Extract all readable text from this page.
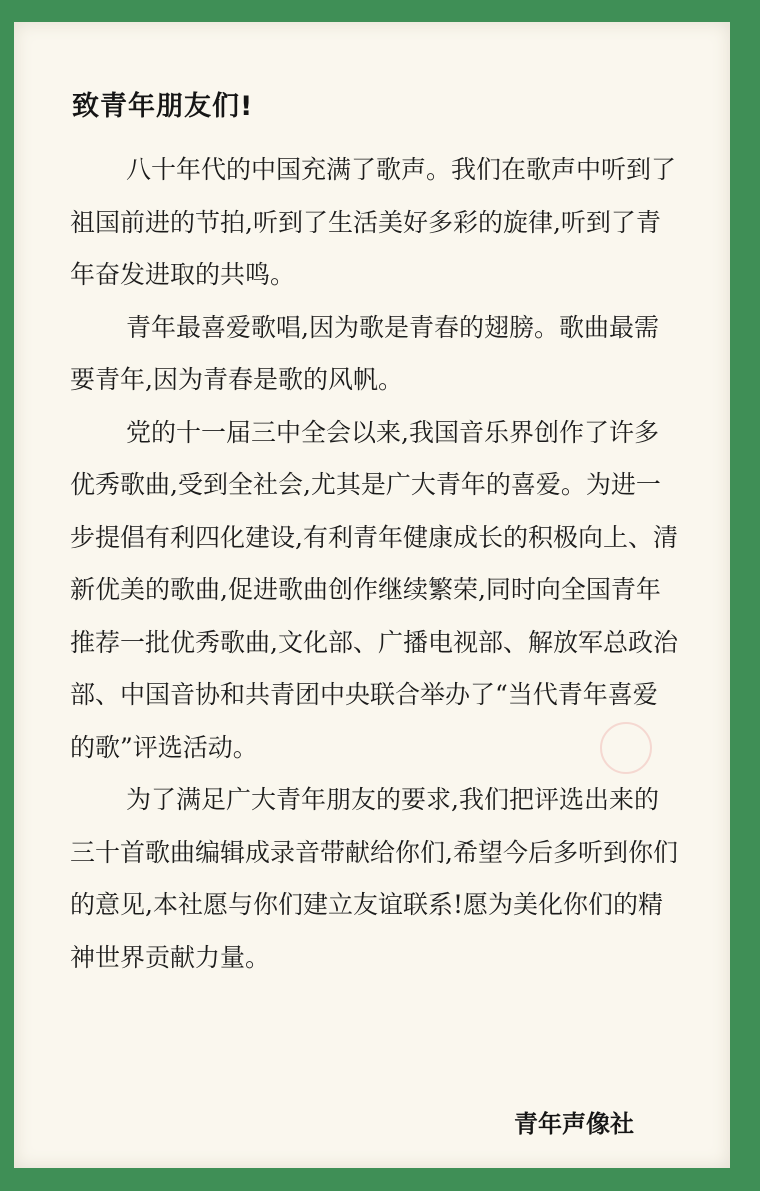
致青年朋友们!

八十年代的中国充满了歌声。我们在歌声中听到了祖国前进的节拍,听到了生活美好多彩的旋律,听到了青年奋发进取的共鸣。

青年最喜爱歌唱,因为歌是青春的翅膀。歌曲最需要青年,因为青春是歌的风帆。

党的十一届三中全会以来,我国音乐界创作了许多优秀歌曲,受到全社会,尤其是广大青年的喜爱。为进一步提倡有利四化建设,有利青年健康成长的积极向上、清新优美的歌曲,促进歌曲创作继续繁荣,同时向全国青年推荐一批优秀歌曲,文化部、广播电视部、解放军总政治部、中国音协和共青团中央联合举办了“当代青年喜爱的歌”评选活动。

为了满足广大青年朋友的要求,我们把评选出来的三十首歌曲编辑成录音带献给你们,希望今后多听到你们的意见,本社愿与你们建立友谊联系!愿为美化你们的精神世界贡献力量。

青年声像社
